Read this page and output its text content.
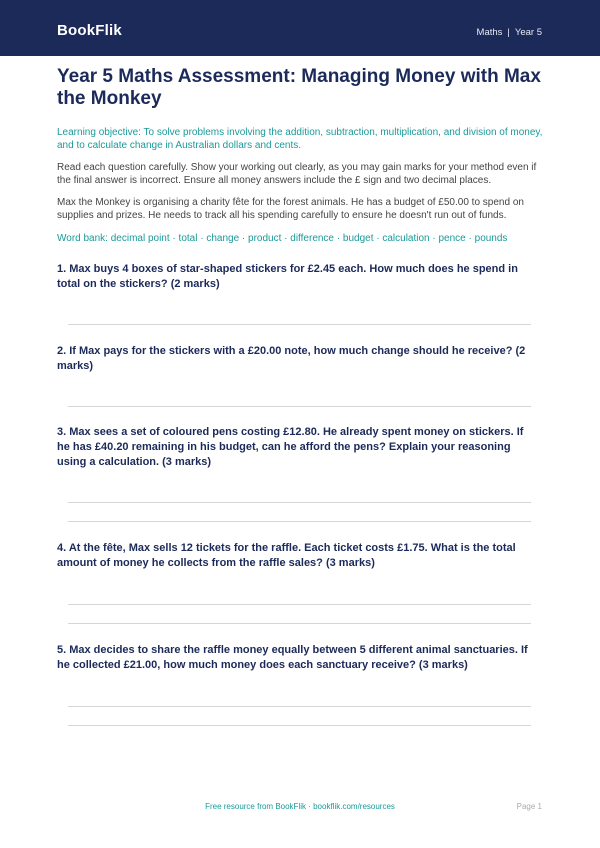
BookFlik	Maths | Year 5
Year 5 Maths Assessment: Managing Money with Max the Monkey

Learning objective: To solve problems involving the addition, subtraction, multiplication, and division of money, and to calculate change in Australian dollars and cents.

Read each question carefully. Show your working out clearly, as you may gain marks for your method even if the final answer is incorrect. Ensure all money answers include the £ sign and two decimal places.

Max the Monkey is organising a charity fête for the forest animals. He has a budget of £50.00 to spend on supplies and prizes. He needs to track all his spending carefully to ensure he doesn't run out of funds.

Word bank: decimal point · total · change · product · difference · budget · calculation · pence · pounds

1. Max buys 4 boxes of star-shaped stickers for £2.45 each. How much does he spend in total on the stickers? (2 marks)
2. If Max pays for the stickers with a £20.00 note, how much change should he receive? (2 marks)
3. Max sees a set of coloured pens costing £12.80. He already spent money on stickers. If he has £40.20 remaining in his budget, can he afford the pens? Explain your reasoning using a calculation. (3 marks)
4. At the fête, Max sells 12 tickets for the raffle. Each ticket costs £1.75. What is the total amount of money he collects from the raffle sales? (3 marks)
5. Max decides to share the raffle money equally between 5 different animal sanctuaries. If he collected £21.00, how much money does each sanctuary receive? (3 marks)
Free resource from BookFlik · bookflik.com/resources	Page 1
